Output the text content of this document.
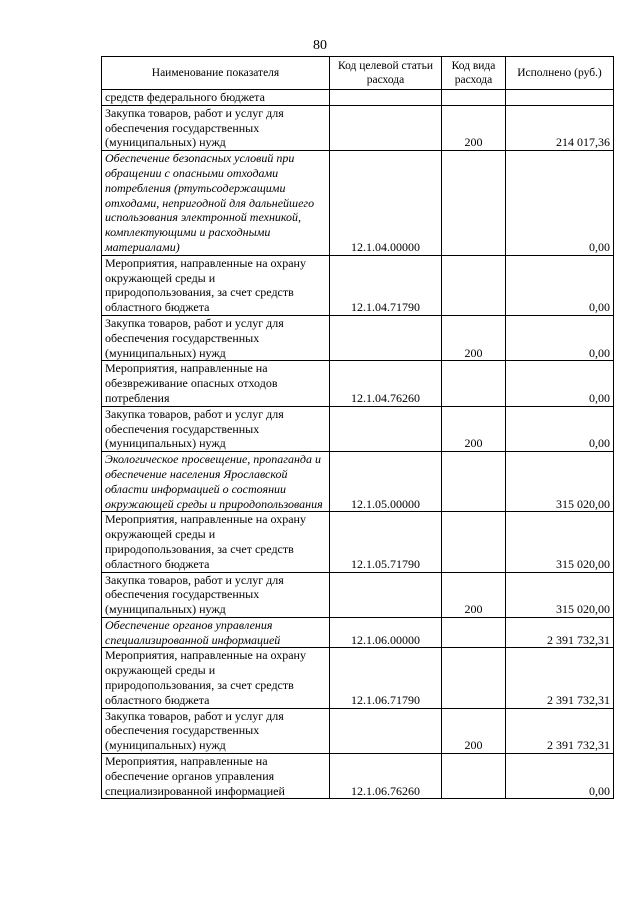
80
Наименование показателя	Код целевой статьи расхода	Код вида расхода	Исполнено (руб.)
средств федерального бюджета			
Закупка товаров, работ и услуг для обеспечения государственных (муниципальных) нужд		200	214 017,36
Обеспечение безопасных условий при обращении с опасными отходами потребления (ртутьсодержащими отходами, непригодной для дальнейшего использования электронной техникой, комплектующими и расходными материалами)	12.1.04.00000		0,00
Мероприятия, направленные на охрану окружающей среды и природопользования, за счет средств областного бюджета	12.1.04.71790		0,00
Закупка товаров, работ и услуг для обеспечения государственных (муниципальных) нужд		200	0,00
Мероприятия, направленные на обезвреживание опасных отходов потребления	12.1.04.76260		0,00
Закупка товаров, работ и услуг для обеспечения государственных (муниципальных) нужд		200	0,00
Экологическое просвещение, пропаганда и обеспечение населения Ярославской области информацией о состоянии окружающей среды и природопользования	12.1.05.00000		315 020,00
Мероприятия, направленные на охрану окружающей среды и природопользования, за счет средств областного бюджета	12.1.05.71790		315 020,00
Закупка товаров, работ и услуг для обеспечения государственных (муниципальных) нужд		200	315 020,00
Обеспечение органов управления специализированной информацией	12.1.06.00000		2 391 732,31
Мероприятия, направленные на охрану окружающей среды и природопользования, за счет средств областного бюджета	12.1.06.71790		2 391 732,31
Закупка товаров, работ и услуг для обеспечения государственных (муниципальных) нужд		200	2 391 732,31
Мероприятия, направленные на обеспечение органов управления специализированной информацией	12.1.06.76260		0,00
